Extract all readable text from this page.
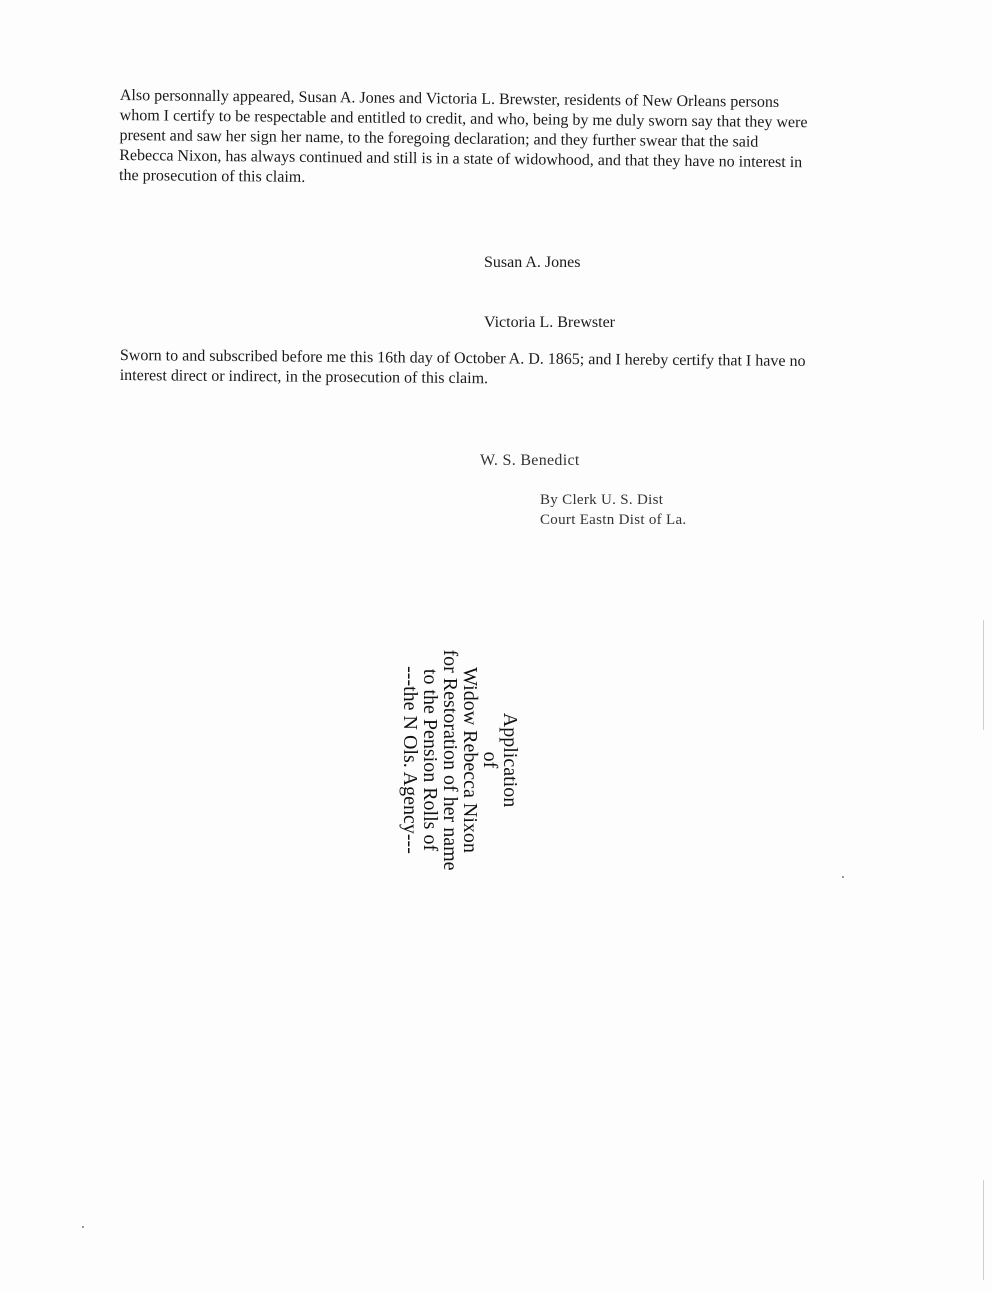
Also personnally appeared, Susan A. Jones and Victoria L. Brewster, residents of New Orleans persons
whom I certify to be respectable and entitled to credit, and who, being by me duly sworn say that they were
present and saw her sign her name, to the foregoing declaration; and they further swear that the said
Rebecca Nixon, has always continued and still is in a state of widowhood, and that they have no interest in
the prosecution of this claim.
Susan A. Jones
Victoria L. Brewster
Sworn to and subscribed before me this 16th day of October A. D. 1865; and I hereby certify that I have no
interest direct or indirect, in the prosecution of this claim.
W. S. Benedict
By Clerk U. S. Dist
Court Eastn Dist of La.
Application
of
Widow Rebecca Nixon
for Restoration of her name
to the Pension Rolls of
---the N Ols. Agency---
